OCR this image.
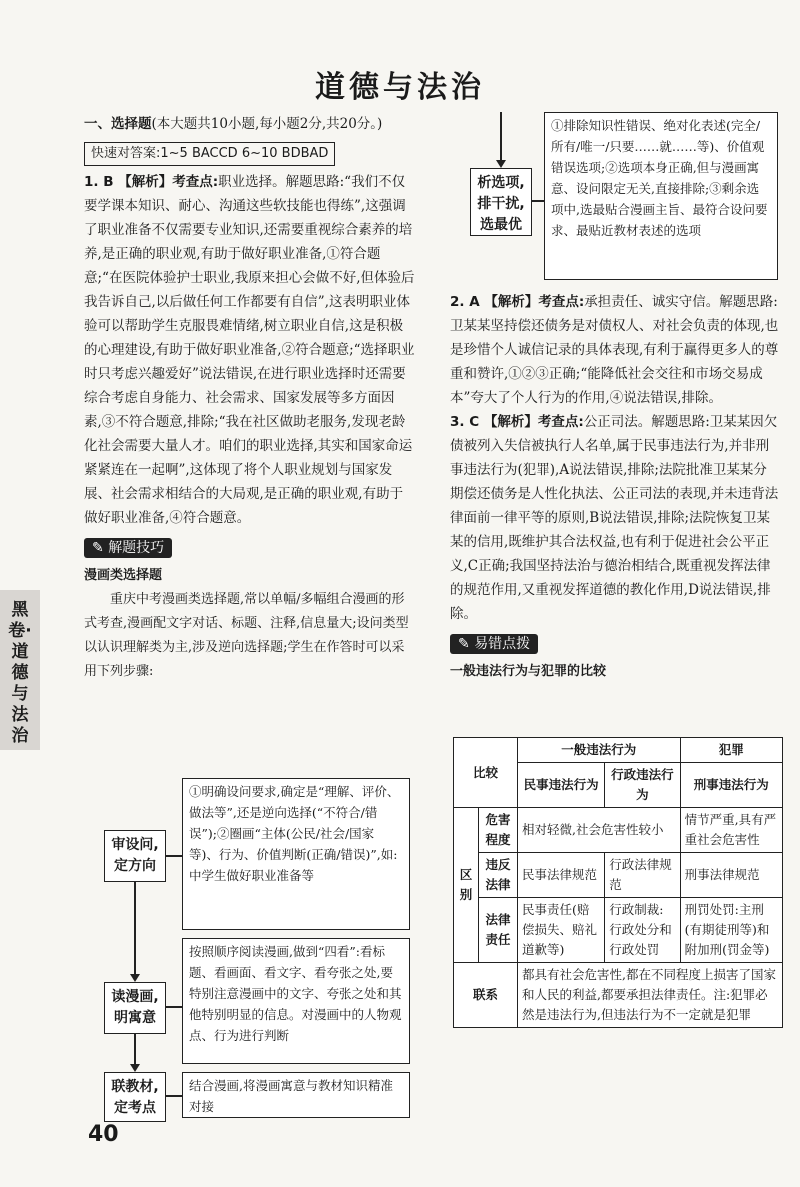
道德与法治
黑卷·道德与法治

一、选择题(本大题共10小题,每小题2分,共20分。)

快速对答案:1~5 BACCD 6~10 BDBAD

1. B 【解析】考查点:职业选择。解题思路:“我们不仅要学课本知识、耐心、沟通这些软技能也得练”,这强调了职业准备不仅需要专业知识,还需要重视综合素养的培养,是正确的职业观,有助于做好职业准备,①符合题意;“在医院体验护士职业,我原来担心会做不好,但体验后我告诉自己,以后做任何工作都要有自信”,这表明职业体验可以帮助学生克服畏难情绪,树立职业自信,这是积极的心理建设,有助于做好职业准备,②符合题意;“选择职业时只考虑兴趣爱好”说法错误,在进行职业选择时还需要综合考虑自身能力、社会需求、国家发展等多方面因素,③不符合题意,排除;“我在社区做助老服务,发现老龄化社会需要大量人才。咱们的职业选择,其实和国家命运紧紧连在一起啊”,这体现了将个人职业规划与国家发展、社会需求相结合的大局观,是正确的职业观,有助于做好职业准备,④符合题意。

✎ 解题技巧

漫画类选择题

重庆中考漫画类选择题,常以单幅/多幅组合漫画的形式考查,漫画配文字对话、标题、注释,信息量大;设问类型以认识理解类为主,涉及逆向选择题;学生在作答时可以采用下列步骤:

审设问,定方向
①明确设问要求,确定是“理解、评价、做法等”,还是逆向选择(“不符合/错误”);②圈画“主体(公民/社会/国家等)、行为、价值判断(正确/错误)”,如:中学生做好职业准备等
读漫画,明寓意
按照顺序阅读漫画,做到“四看”:看标题、看画面、看文字、看夸张之处,要特别注意漫画中的文字、夸张之处和其他特别明显的信息。对漫画中的人物观点、行为进行判断
联教材,定考点
结合漫画,将漫画寓意与教材知识精准对接
析选项,排干扰,选最优
①排除知识性错误、绝对化表述(完全/所有/唯一/只要……就……等)、价值观错误选项;②选项本身正确,但与漫画寓意、设问限定无关,直接排除;③剩余选项中,选最贴合漫画主旨、最符合设问要求、最贴近教材表述的选项

2. A 【解析】考查点:承担责任、诚实守信。解题思路:卫某某坚持偿还债务是对债权人、对社会负责的体现,也是珍惜个人诚信记录的具体表现,有利于赢得更多人的尊重和赞许,①②③正确;“能降低社会交往和市场交易成本”夸大了个人行为的作用,④说法错误,排除。

3. C 【解析】考查点:公正司法。解题思路:卫某某因欠债被列入失信被执行人名单,属于民事违法行为,并非刑事违法行为(犯罪),A说法错误,排除;法院批准卫某某分期偿还债务是人性化执法、公正司法的表现,并未违背法律面前一律平等的原则,B说法错误,排除;法院恢复卫某某的信用,既维护其合法权益,也有利于促进社会公平正义,C正确;我国坚持法治与德治相结合,既重视发挥法律的规范作用,又重视发挥道德的教化作用,D说法错误,排除。

✎ 易错点拨

一般违法行为与犯罪的比较

比较		一般违法行为		犯罪
		民事违法行为	行政违法行为	刑事违法行为
区别	危害程度	相对轻微,社会危害性较小		情节严重,具有严重社会危害性
	违反法律	民事法律规范	行政法律规范	刑事法律规范
	法律责任	民事责任(赔偿损失、赔礼道歉等)	行政制裁:行政处分和行政处罚	刑罚处罚:主刑(有期徒刑等)和附加刑(罚金等)
联系		都具有社会危害性,都在不同程度上损害了国家和人民的利益,都要承担法律责任。注:犯罪必然是违法行为,但违法行为不一定就是犯罪		
40
